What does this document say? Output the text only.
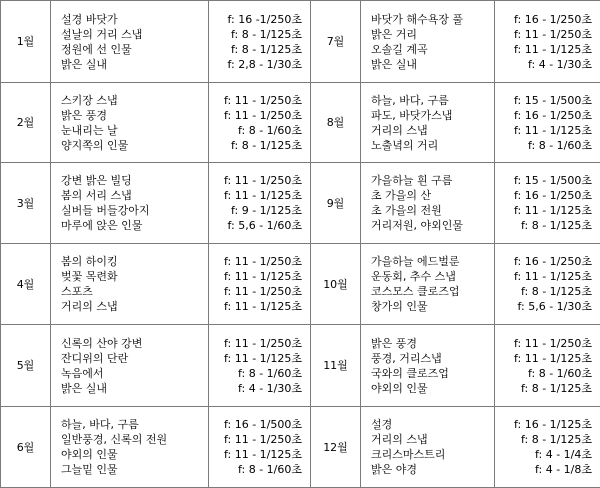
1월	설경 바닷가
설날의 거리 스냅
정원에 선 인물
밝은 실내	f: 16 -1/250초
f: 8 - 1/125초
f: 8 - 1/125초
f: 2,8 - 1/30초	7월	바닷가 해수욕장 풀
밝은 거리
오솔길 계곡
밝은 실내	f: 16 - 1/250초
f: 11 - 1/250초
f: 11 - 1/125초
f: 4 - 1/30초

2월	스키장 스냅
밝은 풍경
눈내리는 날
양지쪽의 인물	f: 11 - 1/250초
f: 11 - 1/250초
f: 8 - 1/60초
f: 8 - 1/125초	8월	하늘, 바다, 구름
파도, 바닷가스냅
거리의 스냅
노출녘의 거리	f: 15 - 1/500초
f: 16 - 1/250초
f: 11 - 1/125초
f: 8 - 1/60초

3월	강변 밝은 빌딩
봄의 서리 스냅
실버들 버들강아지
마루에 앉은 인물	f: 11 - 1/250초
f: 11 - 1/125초
f: 9 - 1/125초
f: 5,6 - 1/60초	9월	가을하늘 흰 구름
초 가을의 산
초 가을의 전원
거리저원, 야외인물	f: 15 - 1/500초
f: 16 - 1/250초
f: 11 - 1/125초
f: 8 - 1/125초

4월	봄의 하이킹
벚꽃 목련화
스포츠
거리의 스냅	f: 11 - 1/250초
f: 11 - 1/125초
f: 11 - 1/250초
f: 11 - 1/125초	10월	가을하늘 에드벌룬
운동회, 추수 스냅
코스모스 클로즈업
창가의 인물	f: 16 - 1/250초
f: 11 - 1/125초
f: 8 - 1/125초
f: 5,6 - 1/30초

5월	신록의 산야 강변
잔디위의 단란
녹음에서
밝은 실내	f: 11 - 1/250초
f: 11 - 1/125초
f: 8 - 1/60초
f: 4 - 1/30초	11월	밝은 풍경
풍경, 거리스냅
국와의 클로즈업
야외의 인물	f: 11 - 1/250초
f: 11 - 1/125초
f: 8 - 1/60초
f: 8 - 1/125초

6월	하늘, 바다, 구름
일반풍경, 신록의 전원
야외의 인물
그늘밑 인물	f: 16 - 1/500초
f: 11 - 1/250초
f: 11 - 1/125초
f: 8 - 1/60초	12월	설경
거리의 스냅
크리스마스트리
밝은 야경	f: 16 - 1/125초
f: 8 - 1/125초
f: 4 - 1/4초
f: 4 - 1/8초
